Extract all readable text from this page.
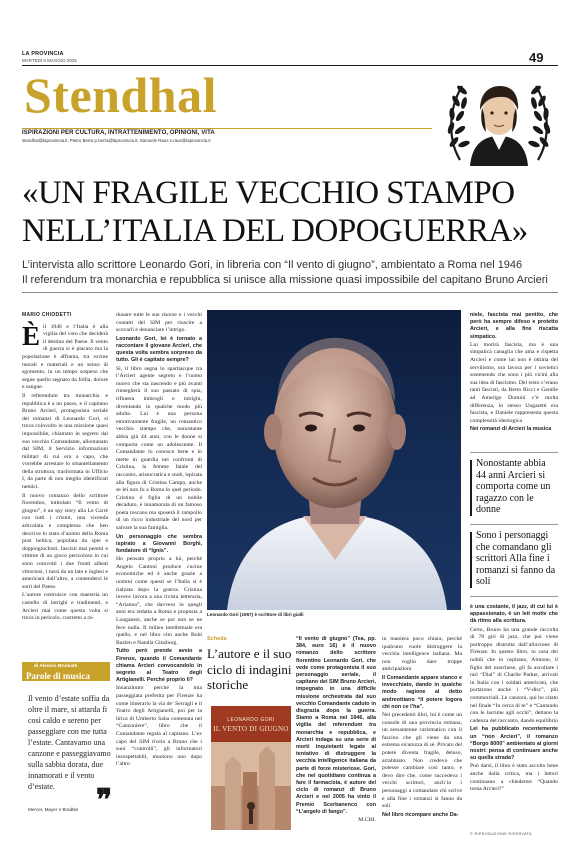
LA PROVINCIA
MARTEDÌ 6 MAGGIO 2025	49
Stendhal
ISPIRAZIONI PER CULTURA, INTRATTENIMENTO, OPINIONI, VITA
stendhal@laprovincia.it, Pietro Berra p.berra@laprovincia.it, Samuele Raus s.raus@laprovincia.it
«UN FRAGILE VECCHIO STAMPO
NELL’ITALIA DEL DOPOGUERRA»
L’intervista allo scrittore Leonardo Gori, in libreria con “Il vento di giugno”, ambientato a Roma nel 1946
Il referendum tra monarchia e repubblica si unisce alla missione quasi impossibile del capitano Bruno Arcieri
MARIO CHIODETTI
È il 1946 e l’Italia è alla vigilia del voto che deciderà il destino del Paese. Il vento di guerra si è placato ma la popolazione è affranta, tra rovine morali e materiali e un senso di sgomento, in un tempo sospeso che segue quello segnato da follia, dolore e sangue.

Il referendum tra monarchia e repubblica è a un passo, e il capitano Bruno Arcieri, protagonista seriale dei romanzi di Leonardo Gori, si trova coinvolto in una missione quasi impossibile, chiamato in segreto dal suo vecchio Comandante, allontanato dal SIM, il Servizio informazioni militari di cui era a capo, che vorrebbe arrestare lo smantellamento della struttura, trasformata in Ufficio I, da parte di non meglio identificati nemici.

Il nuovo romanzo dello scrittore fiorentino, intitolato “Il vento di giugno”, è un spy story alla Le Carré con tutti i crismi, una vicenda articolata e complessa che ben descrive lo stato d’animo della Roma post bellica, popolata da spie e doppiogiochisti, fascisti mai pentiti e vittime di un gioco pericoloso in cui sono coinvolti i due fronti alleati vittoriosi, i russi da un lato e inglesi e americani dall’altro, a contendersi le sorti del Paese.

L’autore costruisce con maestria un castello di intrighi e tradimenti, e Arcieri mai come questa volta si trova in pericolo, costretto a ra-

dunare tutte le sue risorse e i vecchi contatti del SIM per riuscire a scovarli e denunciare l’intrigo.

Leonardo Gori, lei è tornato a raccontare il giovane Arcieri, che questa volta sembra sorpreso da tutto. Gli è capitato sempre?

Sì, il libro segna lo spartiacque tra l’Arcieri agente segreto e l’uomo nuovo che sta nascendo e più avanti rinnegherà il suo passato di spia, rifiutera imbrogli e intrighi, diventando in qualche modo più adulto. Lui è una persona emotivamente fragile, un romantico vecchio stampo che, nonostante abbia già 44 anni, con le donne si comporta come un adolescente. Il Comandante lo conosce bene e lo mette in guardia nei confronti di Cristina, la femme fatale del racconto, aristocratica e snob, ispirata alla figura di Cristina Campo, anche se lei non fu a Roma in quel periodo. Cristina è figlia di un nobile decaduto, è innamorata di un famoso poeta toscano ma sposerà il rampollo di un ricco industriale del nord per salvare la sua famiglia.

Un personaggio che sembra ispirato a Giovanni Borghi, fondatore di “Ignis”.

Ho pensato proprio a lui, perché Angelo Cantoni produce cucine economiche ed è anche grazie a uomini come questi se l’Italia si è rialzata dopo la guerra. Cristina invece lavora a una rivista letteraria, “Arianna”, che davvero in quegli anni era redatta a Roma e proposta a Longanesi, anche se poi non se ne fece nulla. Il milieu intellettuale era quello, e nel libro cito anche Bobi Bazlen e Natalia Ginzburg.

Tutto però prende avvio a Firenze, quando il Comandante chiama Arcieri convocandolo in segreto al Teatro degli Artigianelli. Perché proprio lì?

Innanzitutto perché la mia passeggiata preferita per Firenze ha come itinerario la via de’ Serragli e il Teatro degli Artigianelli, poi per la lirica di Umberto Saba contenuta nel “Canzoniere”, libro che il Comandante regala al capitano. L’ex capo del SIM rivela a Bruno che i suoi “controlli”, gli informatori insospettabili, muoiono uno dopo l’altro

Leonardo Gori (1957) è scrittore di libri gialli
Scheda
L’autore e il suo ciclo di indagini storiche
LEONARDO GORI
IL VENTO DI GIUGNO

“Il vento di giugno” (Tea, pp. 384, euro 16) è il nuovo romanzo dello scrittore fiorentino Leonardo Gori, che vede come protagonista il suo personaggio seriale, il capitano dei SIM Bruno Arcieri, impegnato in una difficile missione orchestrata dal suo vecchio Comandante caduto in disgrazia dopo la guerra. Siamo a Roma nel 1946, alla vigilia del referendum tra monarchia e repubblica, e Arcieri indaga su una serie di morti inquietanti legate al tentativo di distruggere la vecchia intelligence italiana da parte di forze misteriose. Gori, che nel quotidiano continua a fare il farmacista, è autore del ciclo di romanzi di Bruno Arcieri e nel 2005 ha vinto il Premio Scerbanenco con “L’angelo di fango”.

M.CHI.

in maniera poco chiara, perché qualcuno vuole distruggere la vecchia intelligence italiana. Ma non voglio dare troppe anticipazioni

Il Comandante appare stanco e invecchiato, dando in qualche modo ragione al detto andreottiano “il potere logora chi non ce l’ha”.

Nei precedenti libri, lui è come un console di una provincia romana, un sessantenne carismatico con il fascino che gli viene da una estrema sicurezza di sé. Privato del potere diventa fragile, deluso, arrabbiato. Non credevo che potesse cambiare così tanto, e devo dire che, come succedeva i vecchi scrittori, anch’io i personaggi a comandare chi scrive e alla fine i romanzi si fanno da soli

Nel libro ricompare anche Da-

niele, fascista mai pentito, che però ha sempre difeso e protetto Arcieri, e alla fine riscatta simpatico.

Lui morirà fascista, ma è una simpatica canaglia che ama e rispetta Arcieri e come lui non è ottima del servilismo, ora lavora per i sovietici sostenendo che sono i più vicini alla sua idea di fascismo. Del resto c’erano tanti fascisti, da Berto Ricci e Gentile ad Amerigo Dumini c’è molta differenza, lo stesso Ungaretti era fascista, e Daniele rappresenta questa complessità ideologica

Nei romanzi di Arcieri la musica

Nonostante abbia 44 anni Arcieri si comporta come un ragazzo con le donne
Sono i personaggi che comandano gli scrittori Alla fine i romanzi si fanno da soli

è una costante, il jazz, di cui lui è appassionato, è un leit motiv che dà ritmo alla scrittura.

Certo, Bruno ha una grande raccolta di 78 giri di jazz, che poi viene purtroppo distrutta dall’alluvione di Firenze. In questo libro, in casa dei nobili che lo ospitano, Aimone, il figlio del marchese, gli fa ascoltare i rari “Dial” di Charlie Parker, arrivati in Italia con i soldati americani, che portarono anche i “V-disc”, più commerciali. Le canzoni, qui ho citato nel finale “In cerca di te” e “Cantando con le lacrime agli occhi”, dettano la cadenza del racconto, dando equilibrio

Lei ha pubblicato recentemente un “non Arcieri”, il romanzo “Borgo 8000” ambientato ai giorni nostri: pensa di continuare anche su quella strada?

Può darsi, il libro è stato accolto bene anche dalla critica, ma i lettori continuano a chiedermi “Quando torna Arcieri?”

© RIPRODUZIONE RISERVATA
di Alessio Brunialti
Parole di musica
Il vento d’estate soffia da oltre il mare, si attarda fi così caldo e sereno per passeggiare con me tutta l’estate. Cantavamo una canzone e passeggiavamo sulla sabbia dorata, due innamorati e il vento d’estate.
Mercer, Mayer e Bradtke ❞
